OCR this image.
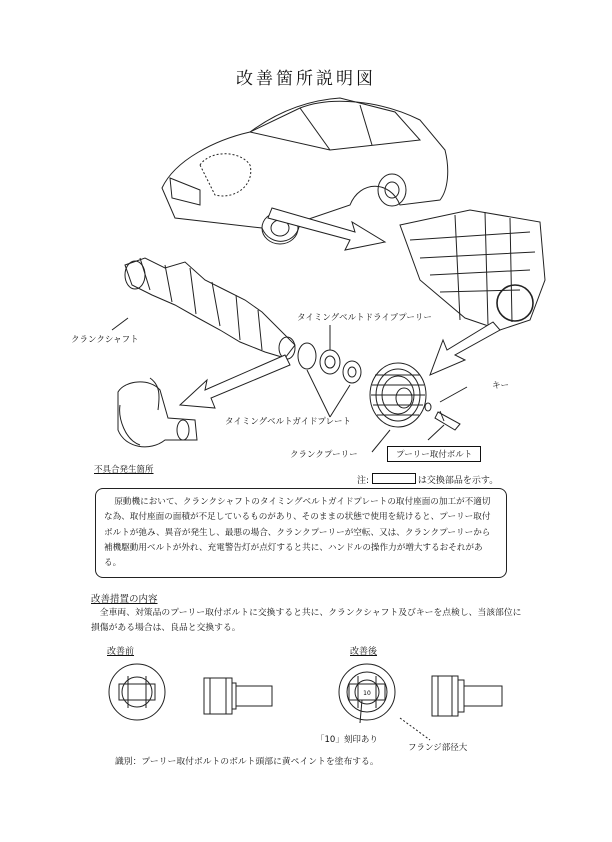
改善箇所説明図
10
クランクシャフト
タイミングベルトドライブプーリー
タイミングベルトガイドプレート
クランクプーリー
キー
プーリー取付ボルト
不具合発生箇所
注:	は交換部品を示す。
原動機において、クランクシャフトのタイミングベルトガイドプレートの取付座面の加工が不適切な為、取付座面の面積が不足しているものがあり、そのままの状態で使用を続けると、プーリー取付ボルトが弛み、異音が発生し、最悪の場合、クランクプーリーが空転、又は、クランクプーリーから補機駆動用ベルトが外れ、充電警告灯が点灯すると共に、ハンドルの操作力が増大するおそれがある。
改善措置の内容
全車両、対策品のプーリー取付ボルトに交換すると共に、クランクシャフト及びキーを点検し、当該部位に損傷がある場合は、良品と交換する。
改善前	改善後
「10」刻印あり
フランジ部径大
識別：プーリー取付ボルトのボルト頭部に黄ペイントを塗布する。
